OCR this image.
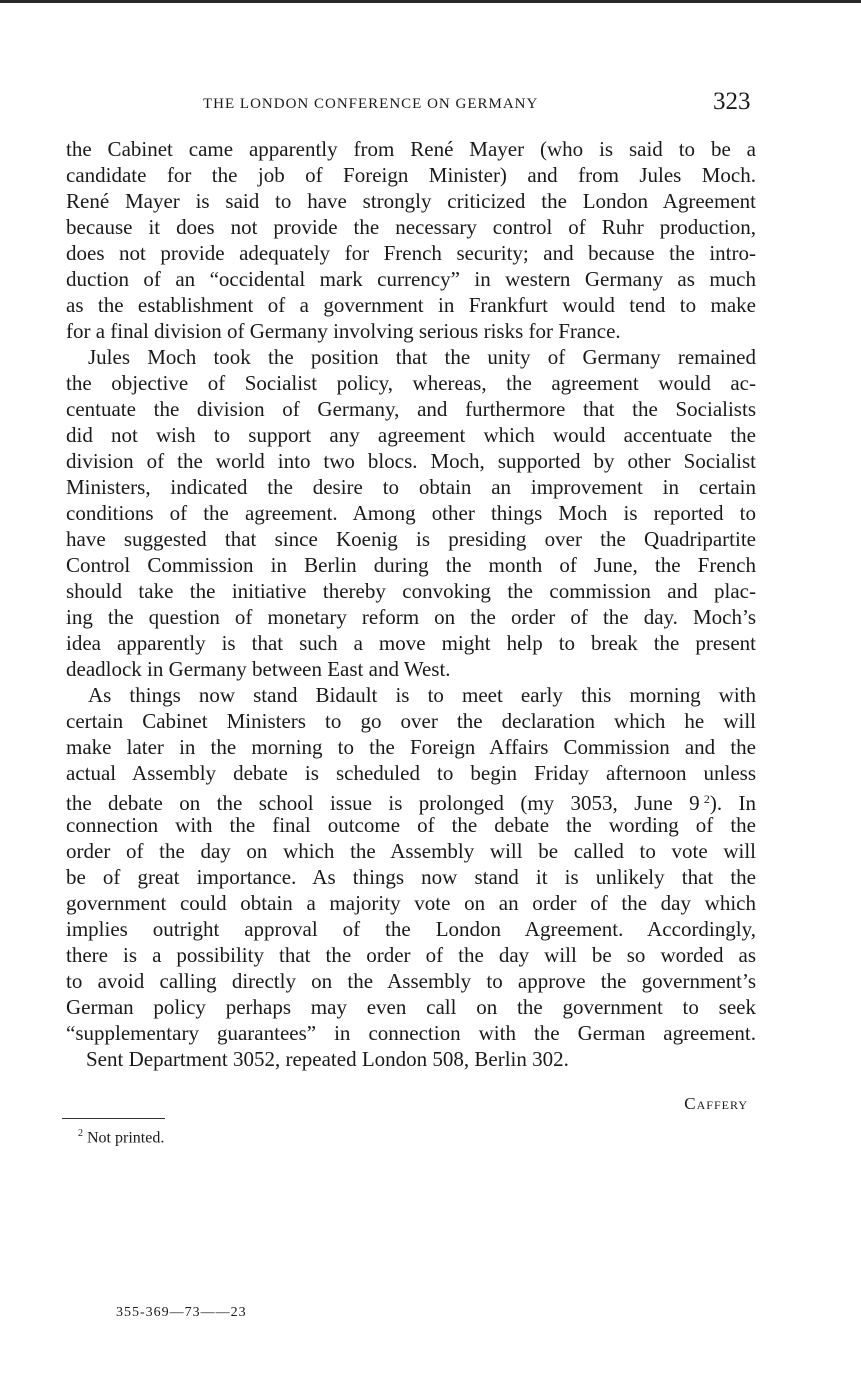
THE LONDON CONFERENCE ON GERMANY	323
the Cabinet came apparently from René Mayer (who is said to be a
candidate for the job of Foreign Minister) and from Jules Moch.
René Mayer is said to have strongly criticized the London Agreement
because it does not provide the necessary control of Ruhr production,
does not provide adequately for French security; and because the intro-
duction of an “occidental mark currency” in western Germany as much
as the establishment of a government in Frankfurt would tend to make
for a final division of Germany involving serious risks for France.
Jules Moch took the position that the unity of Germany remained
the objective of Socialist policy, whereas, the agreement would ac-
centuate the division of Germany, and furthermore that the Socialists
did not wish to support any agreement which would accentuate the
division of the world into two blocs. Moch, supported by other Socialist
Ministers, indicated the desire to obtain an improvement in certain
conditions of the agreement. Among other things Moch is reported to
have suggested that since Koenig is presiding over the Quadripartite
Control Commission in Berlin during the month of June, the French
should take the initiative thereby convoking the commission and plac-
ing the question of monetary reform on the order of the day. Moch’s
idea apparently is that such a move might help to break the present
deadlock in Germany between East and West.
As things now stand Bidault is to meet early this morning with
certain Cabinet Ministers to go over the declaration which he will
make later in the morning to the Foreign Affairs Commission and the
actual Assembly debate is scheduled to begin Friday afternoon unless
the debate on the school issue is prolonged (my 3053, June 9  $^2$). In
connection with the final outcome of the debate the wording of the
order of the day on which the Assembly will be called to vote will
be of great importance. As things now stand it is unlikely that the
government could obtain a majority vote on an order of the day which
implies outright approval of the London Agreement. Accordingly,
there is a possibility that the order of the day will be so worded as
to avoid calling directly on the Assembly to approve the government’s
German policy perhaps may even call on the government to seek
“supplementary guarantees” in connection with the German agreement.
Sent Department 3052, repeated London 508, Berlin 302.
Caffery
$^2$ Not printed.
355-369—73——23
